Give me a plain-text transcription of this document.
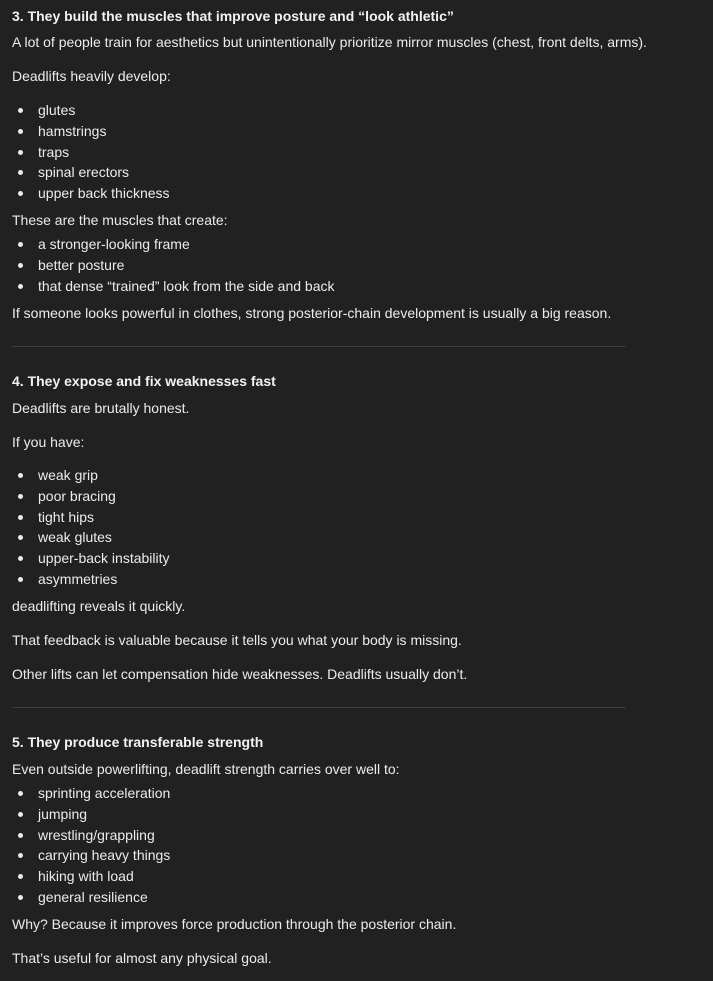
3. They build the muscles that improve posture and “look athletic”

A lot of people train for aesthetics but unintentionally prioritize mirror muscles (chest, front delts, arms).

Deadlifts heavily develop:

glutes
hamstrings
traps
spinal erectors
upper back thickness

These are the muscles that create:

a stronger-looking frame
better posture
that dense “trained” look from the side and back

If someone looks powerful in clothes, strong posterior-chain development is usually a big reason.

4. They expose and fix weaknesses fast

Deadlifts are brutally honest.

If you have:

weak grip
poor bracing
tight hips
weak glutes
upper-back instability
asymmetries

deadlifting reveals it quickly.

That feedback is valuable because it tells you what your body is missing.

Other lifts can let compensation hide weaknesses. Deadlifts usually don’t.

5. They produce transferable strength

Even outside powerlifting, deadlift strength carries over well to:

sprinting acceleration
jumping
wrestling/grappling
carrying heavy things
hiking with load
general resilience

Why? Because it improves force production through the posterior chain.

That’s useful for almost any physical goal.
